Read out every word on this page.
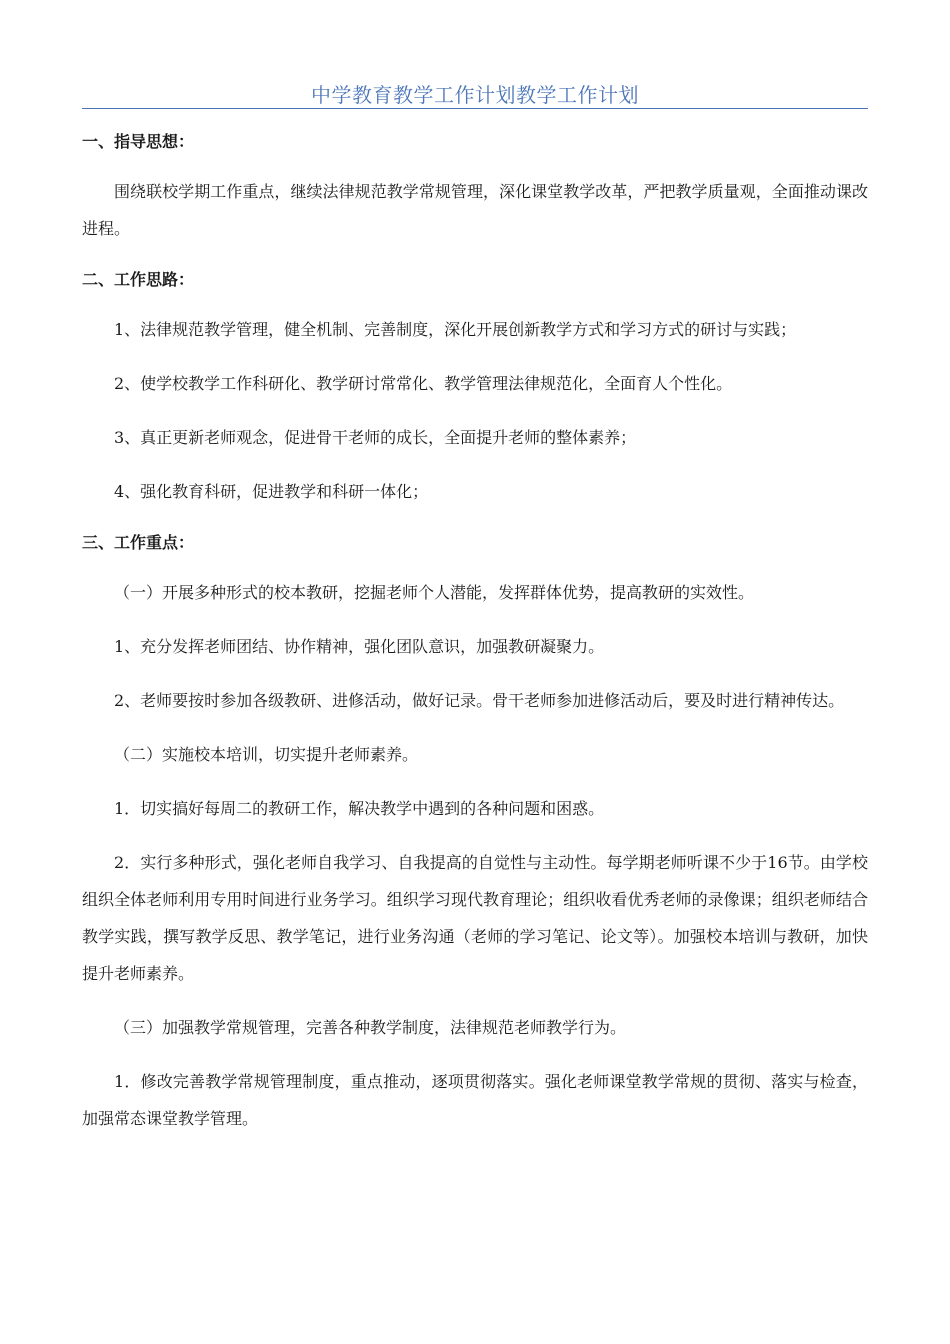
中学教育教学工作计划教学工作计划

一、指导思想：

围绕联校学期工作重点，继续法律规范教学常规管理，深化课堂教学改革，严把教学质量观，全面推动课改进程。

二、工作思路：

1、法律规范教学管理，健全机制、完善制度，深化开展创新教学方式和学习方式的研讨与实践；

2、使学校教学工作科研化、教学研讨常常化、教学管理法律规范化，全面育人个性化。

3、真正更新老师观念，促进骨干老师的成长，全面提升老师的整体素养；

4、强化教育科研，促进教学和科研一体化；

三、工作重点：

（一）开展多种形式的校本教研，挖掘老师个人潜能，发挥群体优势，提高教研的实效性。

1、充分发挥老师团结、协作精神，强化团队意识，加强教研凝聚力。

2、老师要按时参加各级教研、进修活动，做好记录。骨干老师参加进修活动后，要及时进行精神传达。

（二）实施校本培训，切实提升老师素养。

1．切实搞好每周二的教研工作，解决教学中遇到的各种问题和困惑。

2．实行多种形式，强化老师自我学习、自我提高的自觉性与主动性。每学期老师听课不少于16节。由学校组织全体老师利用专用时间进行业务学习。组织学习现代教育理论；组织收看优秀老师的录像课；组织老师结合教学实践，撰写教学反思、教学笔记，进行业务沟通（老师的学习笔记、论文等）。加强校本培训与教研，加快提升老师素养。

（三）加强教学常规管理，完善各种教学制度，法律规范老师教学行为。

1．修改完善教学常规管理制度，重点推动，逐项贯彻落实。强化老师课堂教学常规的贯彻、落实与检查，加强常态课堂教学管理。
